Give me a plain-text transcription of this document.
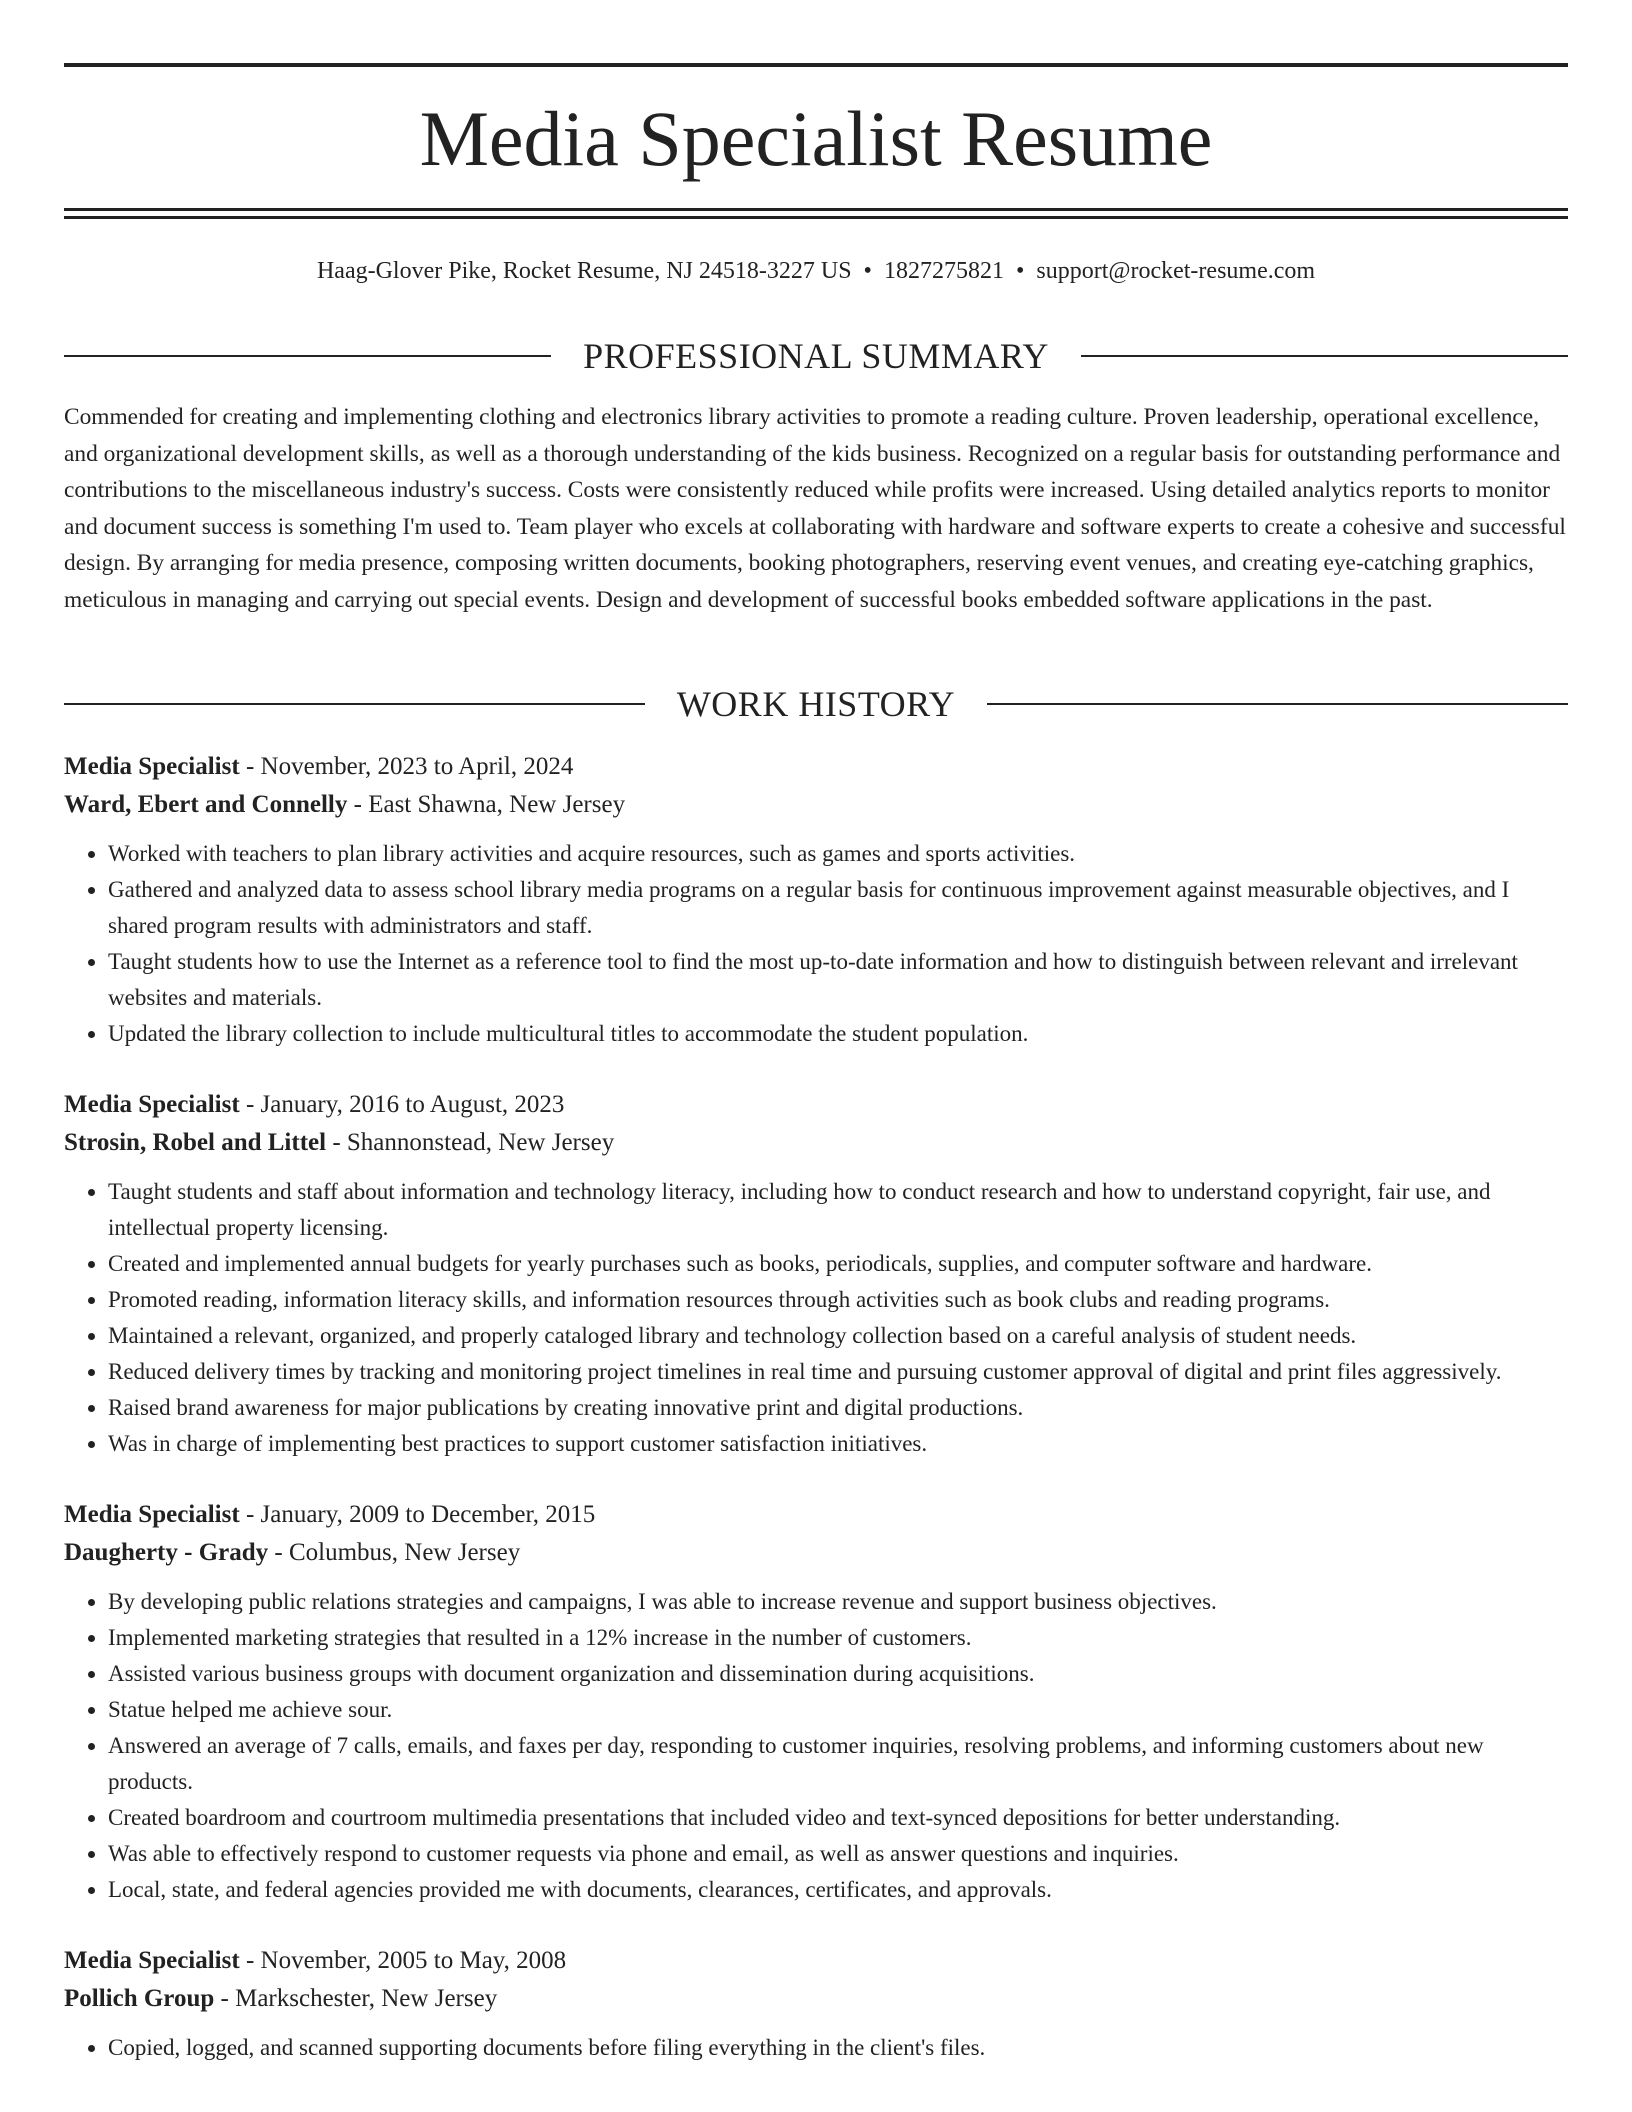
Media Specialist Resume
Haag-Glover Pike, Rocket Resume, NJ 24518-3227 US • 1827275821 • support@rocket-resume.com
PROFESSIONAL SUMMARY

Commended for creating and implementing clothing and electronics library activities to promote a reading culture. Proven leadership, operational excellence, and organizational development skills, as well as a thorough understanding of the kids business. Recognized on a regular basis for outstanding performance and contributions to the miscellaneous industry's success. Costs were consistently reduced while profits were increased. Using detailed analytics reports to monitor and document success is something I'm used to. Team player who excels at collaborating with hardware and software experts to create a cohesive and successful design. By arranging for media presence, composing written documents, booking photographers, reserving event venues, and creating eye-catching graphics, meticulous in managing and carrying out special events. Design and development of successful books embedded software applications in the past.

WORK HISTORY

Media Specialist - November, 2023 to April, 2024

Ward, Ebert and Connelly - East Shawna, New Jersey

• Worked with teachers to plan library activities and acquire resources, such as games and sports activities.
• Gathered and analyzed data to assess school library media programs on a regular basis for continuous improvement against measurable objectives, and I shared program results with administrators and staff.
• Taught students how to use the Internet as a reference tool to find the most up-to-date information and how to distinguish between relevant and irrelevant websites and materials.
• Updated the library collection to include multicultural titles to accommodate the student population.

Media Specialist - January, 2016 to August, 2023

Strosin, Robel and Littel - Shannonstead, New Jersey

• Taught students and staff about information and technology literacy, including how to conduct research and how to understand copyright, fair use, and intellectual property licensing.
• Created and implemented annual budgets for yearly purchases such as books, periodicals, supplies, and computer software and hardware.
• Promoted reading, information literacy skills, and information resources through activities such as book clubs and reading programs.
• Maintained a relevant, organized, and properly cataloged library and technology collection based on a careful analysis of student needs.
• Reduced delivery times by tracking and monitoring project timelines in real time and pursuing customer approval of digital and print files aggressively.
• Raised brand awareness for major publications by creating innovative print and digital productions.
• Was in charge of implementing best practices to support customer satisfaction initiatives.

Media Specialist - January, 2009 to December, 2015

Daugherty - Grady - Columbus, New Jersey

• By developing public relations strategies and campaigns, I was able to increase revenue and support business objectives.
• Implemented marketing strategies that resulted in a 12% increase in the number of customers.
• Assisted various business groups with document organization and dissemination during acquisitions.
• Statue helped me achieve sour.
• Answered an average of 7 calls, emails, and faxes per day, responding to customer inquiries, resolving problems, and informing customers about new products.
• Created boardroom and courtroom multimedia presentations that included video and text-synced depositions for better understanding.
• Was able to effectively respond to customer requests via phone and email, as well as answer questions and inquiries.
• Local, state, and federal agencies provided me with documents, clearances, certificates, and approvals.

Media Specialist - November, 2005 to May, 2008

Pollich Group - Markschester, New Jersey

• Copied, logged, and scanned supporting documents before filing everything in the client's files.
